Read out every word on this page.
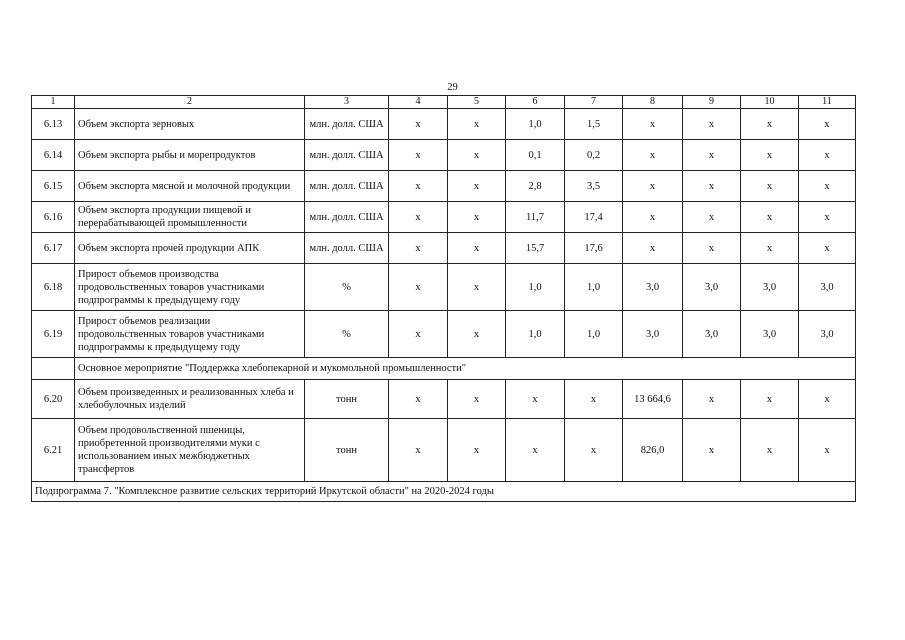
29
1	2	3	4	5	6	7	8	9	10	11
6.13	Объем экспорта зерновых	млн. долл. США	х	х	1,0	1,5	х	х	х	х
6.14	Объем экспорта рыбы и морепродуктов	млн. долл. США	х	х	0,1	0,2	х	х	х	х
6.15	Объем экспорта мясной и молочной продукции	млн. долл. США	х	х	2,8	3,5	х	х	х	х
6.16	Объем экспорта продукции пищевой и перерабатывающей промышленности	млн. долл. США	х	х	11,7	17,4	х	х	х	х
6.17	Объем экспорта прочей продукции АПК	млн. долл. США	х	х	15,7	17,6	х	х	х	х
6.18	Прирост объемов производства продовольственных товаров участниками подпрограммы к предыдущему году	%	х	х	1,0	1,0	3,0	3,0	3,0	3,0
6.19	Прирост объемов реализации продовольственных товаров участниками подпрограммы к предыдущему году	%	х	х	1,0	1,0	3,0	3,0	3,0	3,0
	Основное мероприятие "Поддержка хлебопекарной и мукомольной промышленности"									
6.20	Объем произведенных и реализованных хлеба и хлебобулочных изделий	тонн	х	х	х	х	13 664,6	х	х	х
6.21	Объем продовольственной пшеницы, приобретенной производителями муки с использованием иных межбюджетных трансфертов	тонн	х	х	х	х	826,0	х	х	х
Подпрограмма 7. "Комплексное развитие сельских территорий Иркутской области" на 2020-2024 годы										
